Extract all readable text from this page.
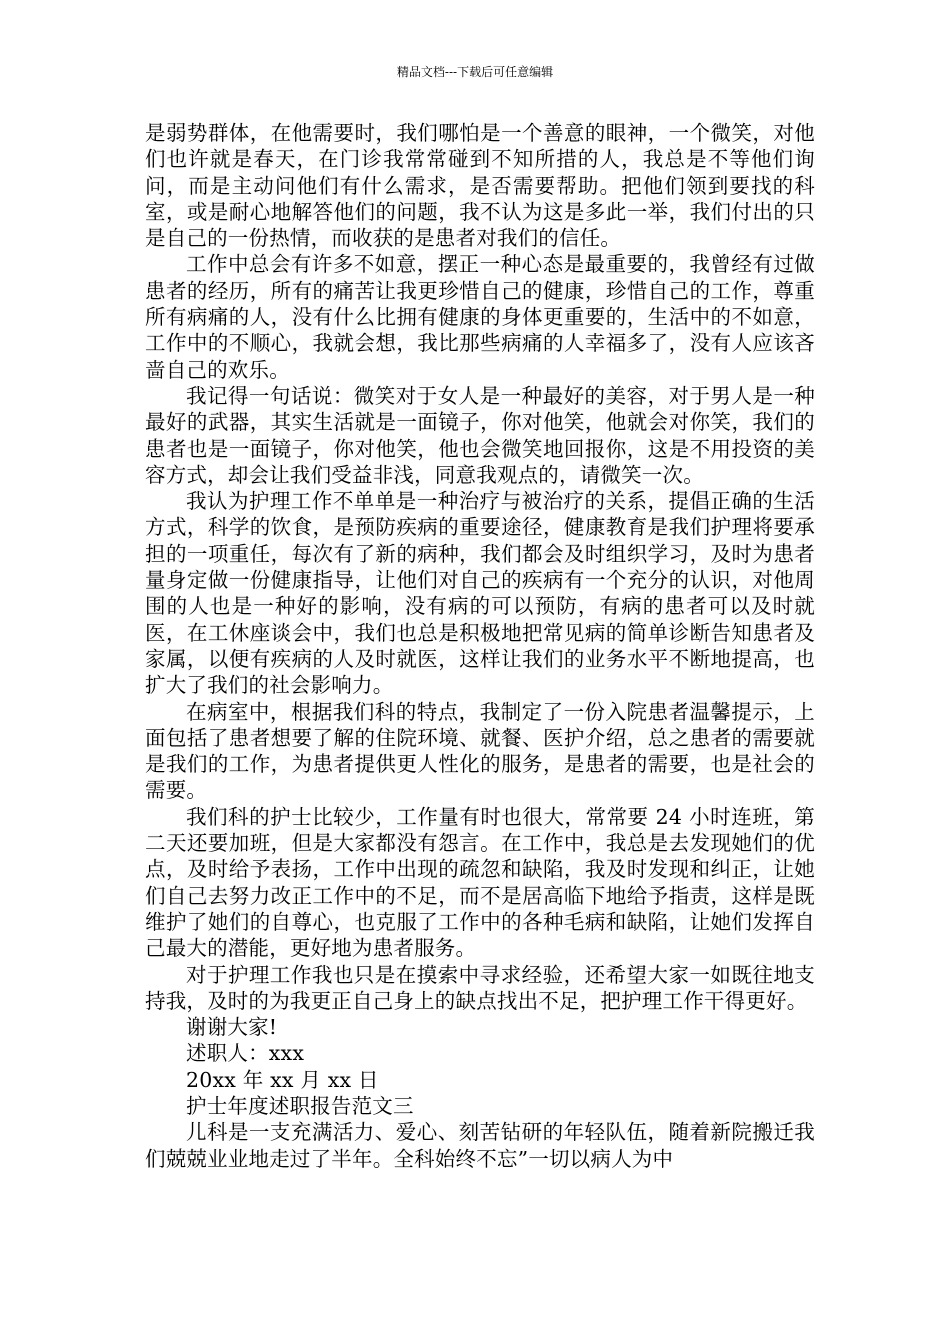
精品文档---下载后可任意编辑

是弱势群体，在他需要时，我们哪怕是一个善意的眼神，一个微笑，对他们也许就是春天，在门诊我常常碰到不知所措的人，我总是不等他们询问，而是主动问他们有什么需求，是否需要帮助。把他们领到要找的科室，或是耐心地解答他们的问题，我不认为这是多此一举，我们付出的只是自己的一份热情，而收获的是患者对我们的信任。

工作中总会有许多不如意，摆正一种心态是最重要的，我曾经有过做患者的经历，所有的痛苦让我更珍惜自己的健康，珍惜自己的工作，尊重所有病痛的人，没有什么比拥有健康的身体更重要的，生活中的不如意，工作中的不顺心，我就会想，我比那些病痛的人幸福多了，没有人应该吝啬自己的欢乐。

我记得一句话说：微笑对于女人是一种最好的美容，对于男人是一种最好的武器，其实生活就是一面镜子，你对他笑，他就会对你笑，我们的患者也是一面镜子，你对他笑，他也会微笑地回报你，这是不用投资的美容方式，却会让我们受益非浅，同意我观点的，请微笑一次。

我认为护理工作不单单是一种治疗与被治疗的关系，提倡正确的生活方式，科学的饮食，是预防疾病的重要途径，健康教育是我们护理将要承担的一项重任，每次有了新的病种，我们都会及时组织学习，及时为患者量身定做一份健康指导，让他们对自己的疾病有一个充分的认识，对他周围的人也是一种好的影响，没有病的可以预防，有病的患者可以及时就医，在工休座谈会中，我们也总是积极地把常见病的简单诊断告知患者及家属，以便有疾病的人及时就医，这样让我们的业务水平不断地提高，也扩大了我们的社会影响力。

在病室中，根据我们科的特点，我制定了一份入院患者温馨提示，上面包括了患者想要了解的住院环境、就餐、医护介绍，总之患者的需要就是我们的工作，为患者提供更人性化的服务，是患者的需要，也是社会的需要。

我们科的护士比较少，工作量有时也很大，常常要 24 小时连班，第二天还要加班，但是大家都没有怨言。在工作中，我总是去发现她们的优点，及时给予表扬，工作中出现的疏忽和缺陷，我及时发现和纠正，让她们自己去努力改正工作中的不足，而不是居高临下地给予指责，这样是既维护了她们的自尊心，也克服了工作中的各种毛病和缺陷，让她们发挥自己最大的潜能，更好地为患者服务。

对于护理工作我也只是在摸索中寻求经验，还希望大家一如既往地支持我，及时的为我更正自己身上的缺点找出不足，把护理工作干得更好。

谢谢大家!

述职人：xxx

20xx 年 xx 月 xx 日

护士年度述职报告范文三

儿科是一支充满活力、爱心、刻苦钻研的年轻队伍，随着新院搬迁我们兢兢业业地走过了半年。全科始终不忘”一切以病人为中
